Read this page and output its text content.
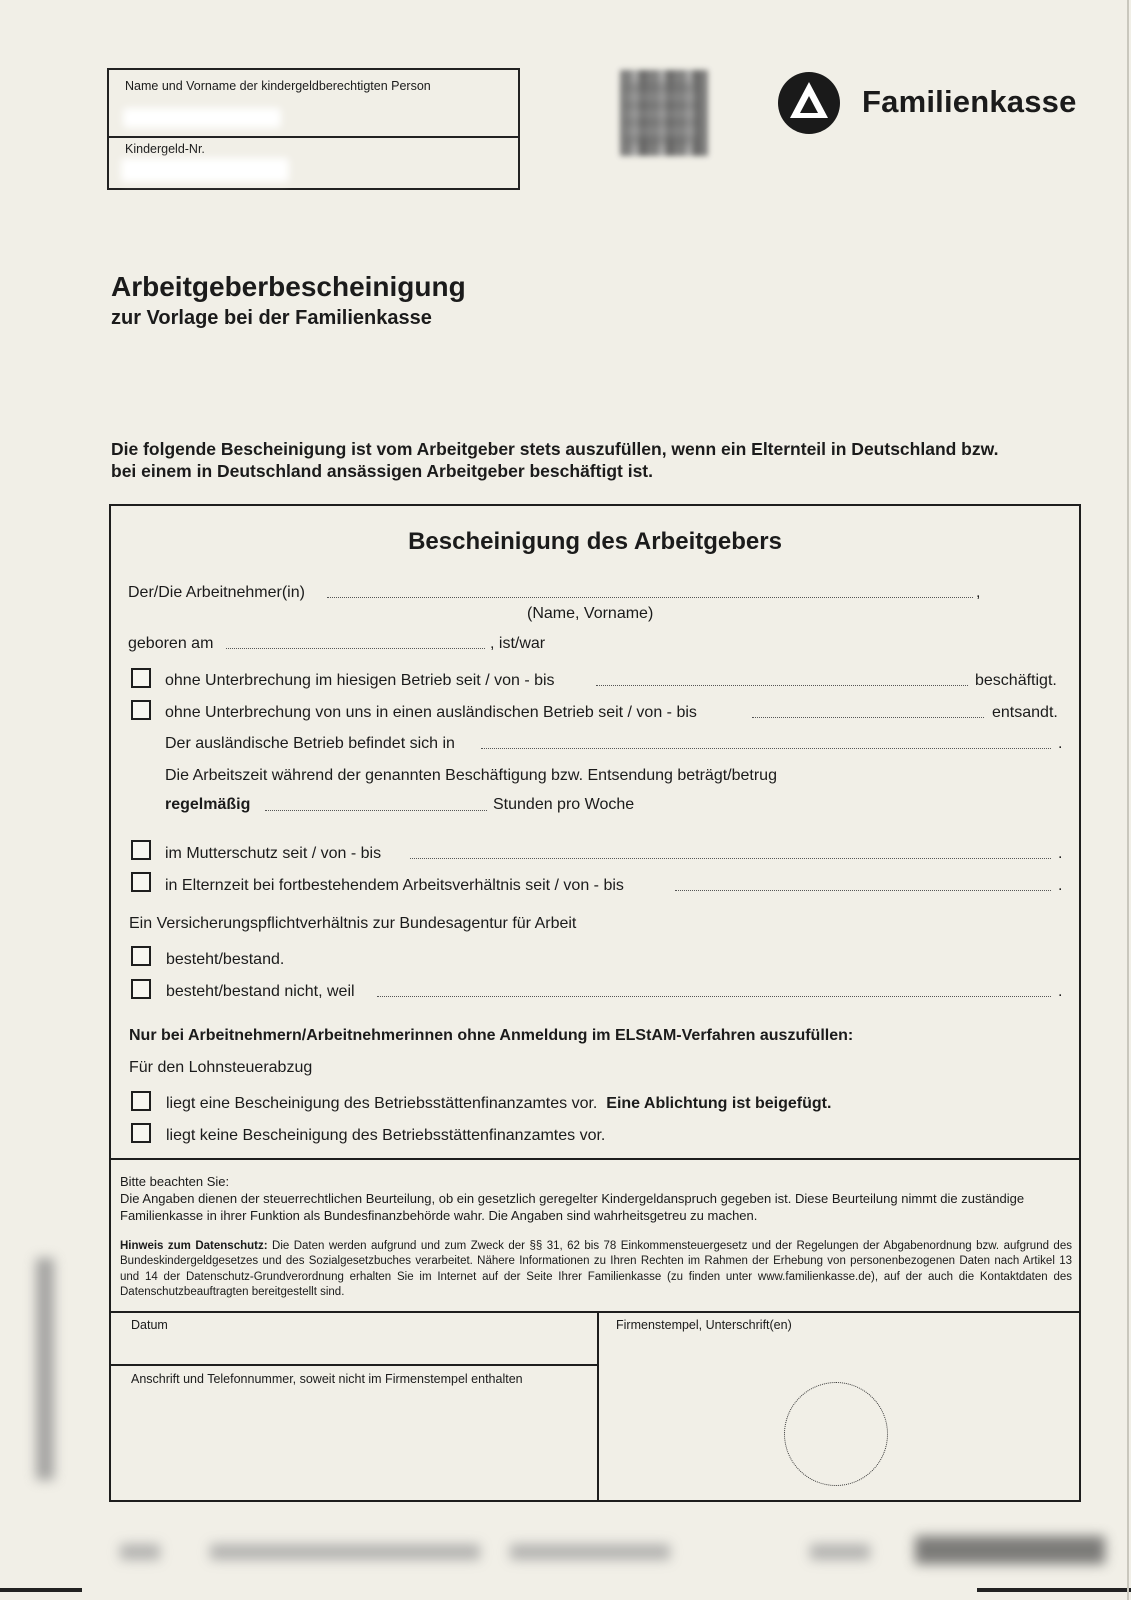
Name und Vorname der kindergeldberechtigten Person
Kindergeld-Nr.
Familienkasse
Arbeitgeberbescheinigung
zur Vorlage bei der Familienkasse
Die folgende Bescheinigung ist vom Arbeitgeber stets auszufüllen, wenn ein Elternteil in Deutschland bzw.
bei einem in Deutschland ansässigen Arbeitgeber beschäftigt ist.
Bescheinigung des Arbeitgebers
Der/Die Arbeitnehmer(in)	,
(Name, Vorname)
geboren am	, ist/war
ohne Unterbrechung im hiesigen Betrieb seit / von - bis	beschäftigt.
ohne Unterbrechung von uns in einen ausländischen Betrieb seit / von - bis	entsandt.
Der ausländische Betrieb befindet sich in	.
Die Arbeitszeit während der genannten Beschäftigung bzw. Entsendung beträgt/betrug
regelmäßig	Stunden pro Woche
im Mutterschutz seit / von - bis	.
in Elternzeit bei fortbestehendem Arbeitsverhältnis seit / von - bis	.
Ein Versicherungspflichtverhältnis zur Bundesagentur für Arbeit
besteht/bestand.
besteht/bestand nicht, weil	.
Nur bei Arbeitnehmern/Arbeitnehmerinnen ohne Anmeldung im ELStAM-Verfahren auszufüllen:
Für den Lohnsteuerabzug
liegt eine Bescheinigung des Betriebsstättenfinanzamtes vor. Eine Ablichtung ist beigefügt.
liegt keine Bescheinigung des Betriebsstättenfinanzamtes vor.
Bitte beachten Sie:
Die Angaben dienen der steuerrechtlichen Beurteilung, ob ein gesetzlich geregelter Kindergeldanspruch gegeben ist. Diese Beurteilung nimmt die zuständige Familienkasse in ihrer Funktion als Bundesfinanzbehörde wahr. Die Angaben sind wahrheitsgetreu zu machen.
Hinweis zum Datenschutz: Die Daten werden aufgrund und zum Zweck der §§ 31, 62 bis 78 Einkommensteuergesetz und der Regelungen der Abgabenordnung bzw. aufgrund des Bundeskindergeldgesetzes und des Sozialgesetzbuches verarbeitet. Nähere Informationen zu Ihren Rechten im Rahmen der Erhebung von personenbezogenen Daten nach Artikel 13 und 14 der Datenschutz-Grundverordnung erhalten Sie im Internet auf der Seite Ihrer Familienkasse (zu finden unter www.familienkasse.de), auf der auch die Kontaktdaten des Datenschutzbeauftragten bereitgestellt sind.
Datum
Anschrift und Telefonnummer, soweit nicht im Firmenstempel enthalten
Firmenstempel, Unterschrift(en)
